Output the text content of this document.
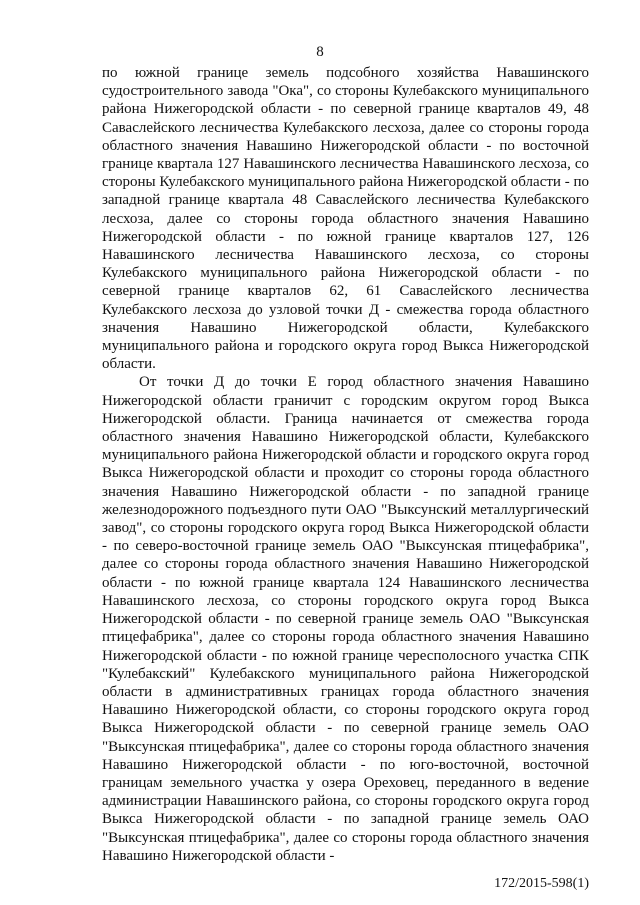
8

по южной границе земель подсобного хозяйства Навашинского судостроительного завода "Ока", со стороны Кулебакского муниципального района Нижегородской области - по северной границе кварталов 49, 48 Саваслейского лесничества Кулебакского лесхоза, далее со стороны города областного значения Навашино Нижегородской области - по восточной границе квартала 127 Навашинского лесничества Навашинского лесхоза, со стороны Кулебакского муниципального района Нижегородской области - по западной границе квартала 48 Саваслейского лесничества Кулебакского лесхоза, далее со стороны города областного значения Навашино Нижегородской области - по южной границе кварталов 127, 126 Навашинского лесничества Навашинского лесхоза, со стороны Кулебакского муниципального района Нижегородской области - по северной границе кварталов 62, 61 Саваслейского лесничества Кулебакского лесхоза до узловой точки Д - смежества города областного значения Навашино Нижегородской области, Кулебакского муниципального района и городского округа город Выкса Нижегородской области.

От точки Д до точки Е город областного значения Навашино Нижегородской области граничит с городским округом город Выкса Нижегородской области. Граница начинается от смежества города областного значения Навашино Нижегородской области, Кулебакского муниципального района Нижегородской области и городского округа город Выкса Нижегородской области и проходит со стороны города областного значения Навашино Нижегородской области - по западной границе железнодорожного подъездного пути ОАО "Выксунский металлургический завод", со стороны городского округа город Выкса Нижегородской области - по северо-восточной границе земель ОАО "Выксунская птицефабрика", далее со стороны города областного значения Навашино Нижегородской области - по южной границе квартала 124 Навашинского лесничества Навашинского лесхоза, со стороны городского округа город Выкса Нижегородской области - по северной границе земель ОАО "Выксунская птицефабрика", далее со стороны города областного значения Навашино Нижегородской области - по южной границе чересполосного участка СПК "Кулебакский" Кулебакского муниципального района Нижегородской области в административных границах города областного значения Навашино Нижегородской области, со стороны городского округа город Выкса Нижегородской области - по северной границе земель ОАО "Выксунская птицефабрика", далее со стороны города областного значения Навашино Нижегородской области - по юго-восточной, восточной границам земельного участка у озера Ореховец, переданного в ведение администрации Навашинского района, со стороны городского округа город Выкса Нижегородской области - по западной границе земель ОАО "Выксунская птицефабрика", далее со стороны города областного значения Навашино Нижегородской области -

172/2015-598(1)
